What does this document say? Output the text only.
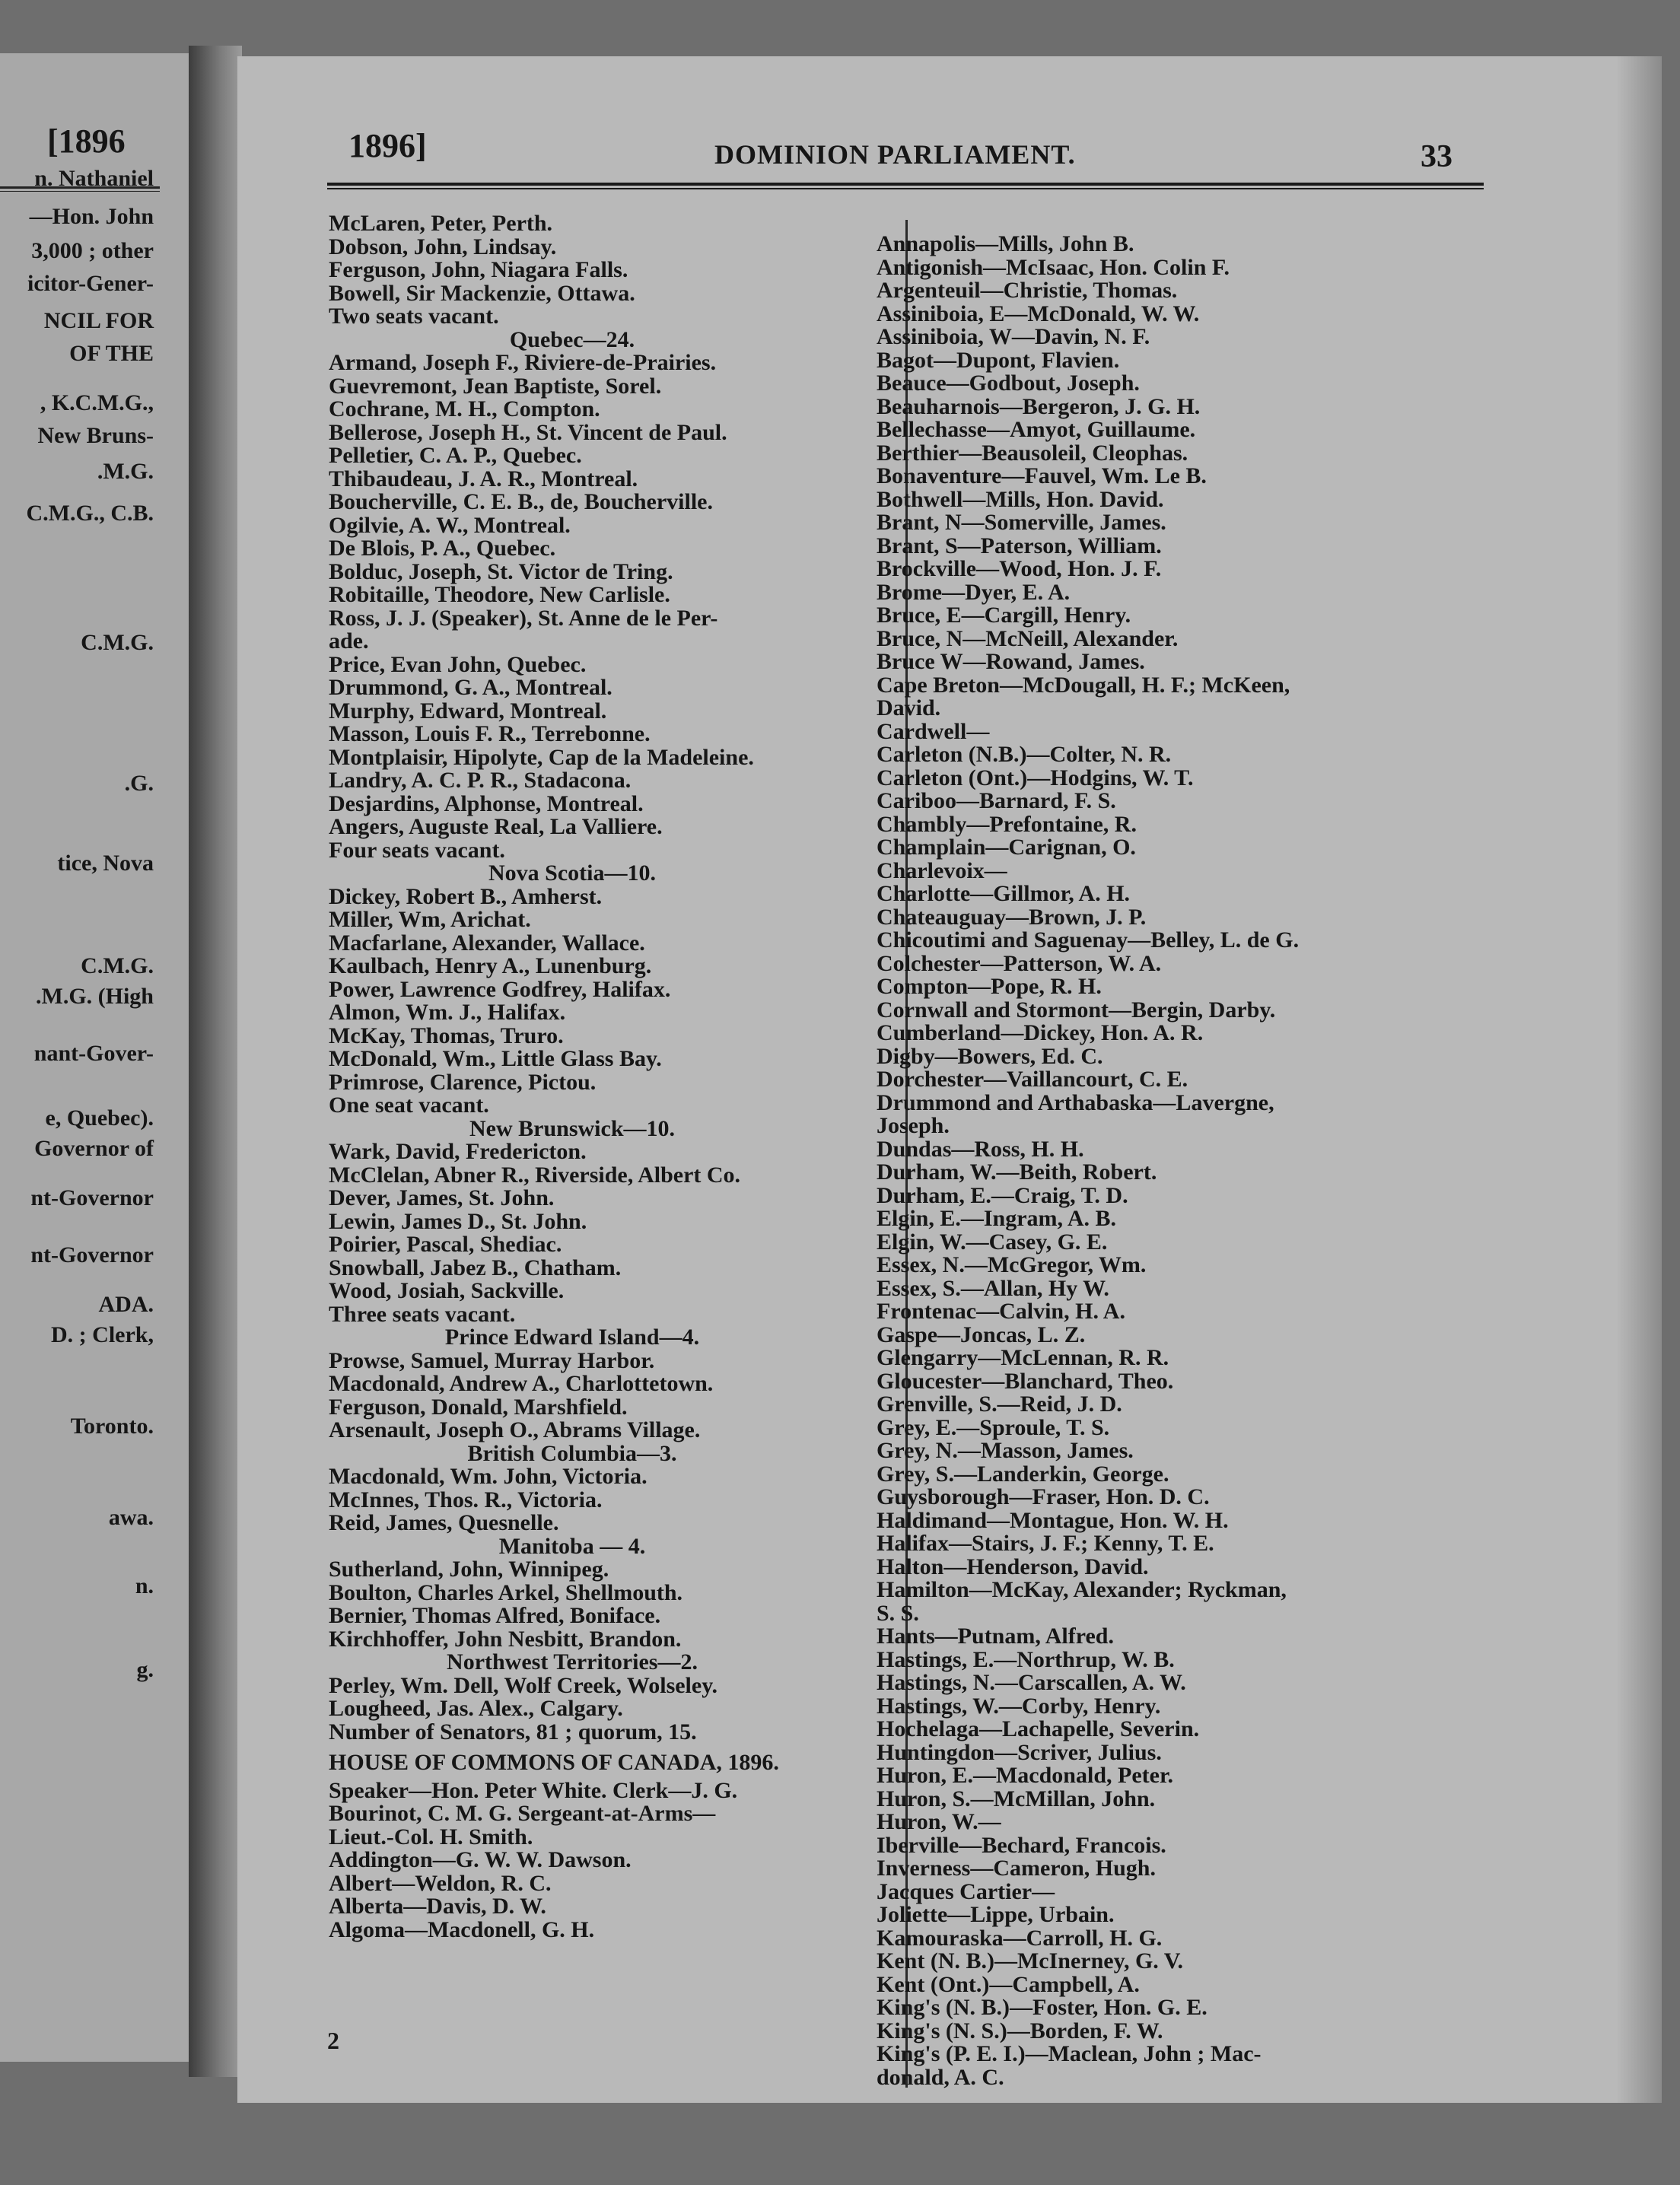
[1896
n. Nathaniel
—Hon. John
3,000 ; other
icitor-Gener-
NCIL FOR
OF THE
, K.C.M.G.,
New Bruns-
.M.G.
C.M.G., C.B.
C.M.G.
.G.
tice, Nova
C.M.G.
.M.G. (High
nant-Gover-
e, Quebec).
Governor of
nt-Governor
nt-Governor
ADA.
D. ; Clerk,
Toronto.
awa.
n.
g.
1896]	DOMINION PARLIAMENT.	33
McLaren, Peter, Perth.
Dobson, John, Lindsay.
Ferguson, John, Niagara Falls.
Bowell, Sir Mackenzie, Ottawa.
Two seats vacant.
Quebec—24.
Armand, Joseph F., Riviere-de-Prairies.
Guevremont, Jean Baptiste, Sorel.
Cochrane, M. H., Compton.
Bellerose, Joseph H., St. Vincent de Paul.
Pelletier, C. A. P., Quebec.
Thibaudeau, J. A. R., Montreal.
Boucherville, C. E. B., de, Boucherville.
Ogilvie, A. W., Montreal.
De Blois, P. A., Quebec.
Bolduc, Joseph, St. Victor de Tring.
Robitaille, Theodore, New Carlisle.
Ross, J. J. (Speaker), St. Anne de le Per-
ade.
Price, Evan John, Quebec.
Drummond, G. A., Montreal.
Murphy, Edward, Montreal.
Masson, Louis F. R., Terrebonne.
Montplaisir, Hipolyte, Cap de la Madeleine.
Landry, A. C. P. R., Stadacona.
Desjardins, Alphonse, Montreal.
Angers, Auguste Real, La Valliere.
Four seats vacant.
Nova Scotia—10.
Dickey, Robert B., Amherst.
Miller, Wm, Arichat.
Macfarlane, Alexander, Wallace.
Kaulbach, Henry A., Lunenburg.
Power, Lawrence Godfrey, Halifax.
Almon, Wm. J., Halifax.
McKay, Thomas, Truro.
McDonald, Wm., Little Glass Bay.
Primrose, Clarence, Pictou.
One seat vacant.
New Brunswick—10.
Wark, David, Fredericton.
McClelan, Abner R., Riverside, Albert Co.
Dever, James, St. John.
Lewin, James D., St. John.
Poirier, Pascal, Shediac.
Snowball, Jabez B., Chatham.
Wood, Josiah, Sackville.
Three seats vacant.
Prince Edward Island—4.
Prowse, Samuel, Murray Harbor.
Macdonald, Andrew A., Charlottetown.
Ferguson, Donald, Marshfield.
Arsenault, Joseph O., Abrams Village.
British Columbia—3.
Macdonald, Wm. John, Victoria.
McInnes, Thos. R., Victoria.
Reid, James, Quesnelle.
Manitoba — 4.
Sutherland, John, Winnipeg.
Boulton, Charles Arkel, Shellmouth.
Bernier, Thomas Alfred, Boniface.
Kirchhoffer, John Nesbitt, Brandon.
Northwest Territories—2.
Perley, Wm. Dell, Wolf Creek, Wolseley.
Lougheed, Jas. Alex., Calgary.
Number of Senators, 81 ; quorum, 15.
HOUSE OF COMMONS OF CANADA, 1896.
Speaker—Hon. Peter White. Clerk—J. G.
Bourinot, C. M. G. Sergeant-at-Arms—
Lieut.-Col. H. Smith.
Addington—G. W. W. Dawson.
Albert—Weldon, R. C.
Alberta—Davis, D. W.
Algoma—Macdonell, G. H.
Annapolis—Mills, John B.
Antigonish—McIsaac, Hon. Colin F.
Argenteuil—Christie, Thomas.
Assiniboia, E—McDonald, W. W.
Assiniboia, W—Davin, N. F.
Bagot—Dupont, Flavien.
Beauce—Godbout, Joseph.
Beauharnois—Bergeron, J. G. H.
Bellechasse—Amyot, Guillaume.
Berthier—Beausoleil, Cleophas.
Bonaventure—Fauvel, Wm. Le B.
Bothwell—Mills, Hon. David.
Brant, N—Somerville, James.
Brant, S—Paterson, William.
Brockville—Wood, Hon. J. F.
Brome—Dyer, E. A.
Bruce, E—Cargill, Henry.
Bruce, N—McNeill, Alexander.
Bruce W—Rowand, James.
Cape Breton—McDougall, H. F.; McKeen,
David.
Cardwell—
Carleton (N.B.)—Colter, N. R.
Carleton (Ont.)—Hodgins, W. T.
Cariboo—Barnard, F. S.
Chambly—Prefontaine, R.
Champlain—Carignan, O.
Charlevoix—
Charlotte—Gillmor, A. H.
Chateauguay—Brown, J. P.
Chicoutimi and Saguenay—Belley, L. de G.
Colchester—Patterson, W. A.
Compton—Pope, R. H.
Cornwall and Stormont—Bergin, Darby.
Cumberland—Dickey, Hon. A. R.
Digby—Bowers, Ed. C.
Dorchester—Vaillancourt, C. E.
Drummond and Arthabaska—Lavergne,
Joseph.
Dundas—Ross, H. H.
Durham, W.—Beith, Robert.
Durham, E.—Craig, T. D.
Elgin, E.—Ingram, A. B.
Elgin, W.—Casey, G. E.
Essex, N.—McGregor, Wm.
Essex, S.—Allan, Hy W.
Frontenac—Calvin, H. A.
Gaspe—Joncas, L. Z.
Glengarry—McLennan, R. R.
Gloucester—Blanchard, Theo.
Grenville, S.—Reid, J. D.
Grey, E.—Sproule, T. S.
Grey, N.—Masson, James.
Grey, S.—Landerkin, George.
Guysborough—Fraser, Hon. D. C.
Haldimand—Montague, Hon. W. H.
Halifax—Stairs, J. F.; Kenny, T. E.
Halton—Henderson, David.
Hamilton—McKay, Alexander; Ryckman,
S. S.
Hants—Putnam, Alfred.
Hastings, E.—Northrup, W. B.
Hastings, N.—Carscallen, A. W.
Hastings, W.—Corby, Henry.
Hochelaga—Lachapelle, Severin.
Huntingdon—Scriver, Julius.
Huron, E.—Macdonald, Peter.
Huron, S.—McMillan, John.
Huron, W.—
Iberville—Bechard, Francois.
Inverness—Cameron, Hugh.
Jacques Cartier—
Joliette—Lippe, Urbain.
Kamouraska—Carroll, H. G.
Kent (N. B.)—McInerney, G. V.
Kent (Ont.)—Campbell, A.
King's (N. B.)—Foster, Hon. G. E.
King's (N. S.)—Borden, F. W.
King's (P. E. I.)—Maclean, John ; Mac-
donald, A. C.
2
